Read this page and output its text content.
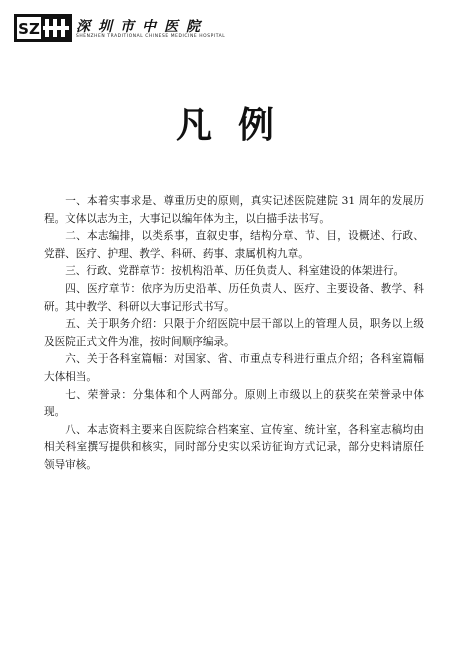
SZ	深圳市中医院
SHENZHEN TRADITIONAL CHINESE MEDICINE HOSPITAL
凡例

一、本着实事求是、尊重历史的原则，真实记述医院建院 31 周年的发展历程。文体以志为主，大事记以编年体为主，以白描手法书写。

二、本志编排，以类系事，直叙史事，结构分章、节、目，设概述、行政、党群、医疗、护理、教学、科研、药事、隶属机构九章。

三、行政、党群章节：按机构沿革、历任负责人、科室建设的体架进行。

四、医疗章节：依序为历史沿革、历任负责人、医疗、主要设备、教学、科研。其中教学、科研以大事记形式书写。

五、关于职务介绍：只限于介绍医院中层干部以上的管理人员，职务以上级及医院正式文件为准，按时间顺序编录。

六、关于各科室篇幅：对国家、省、市重点专科进行重点介绍；各科室篇幅大体相当。

七、荣誉录：分集体和个人两部分。原则上市级以上的获奖在荣誉录中体现。

八、本志资料主要来自医院综合档案室、宣传室、统计室，各科室志稿均由相关科室撰写提供和核实，同时部分史实以采访征询方式记录，部分史料请原任领导审核。
